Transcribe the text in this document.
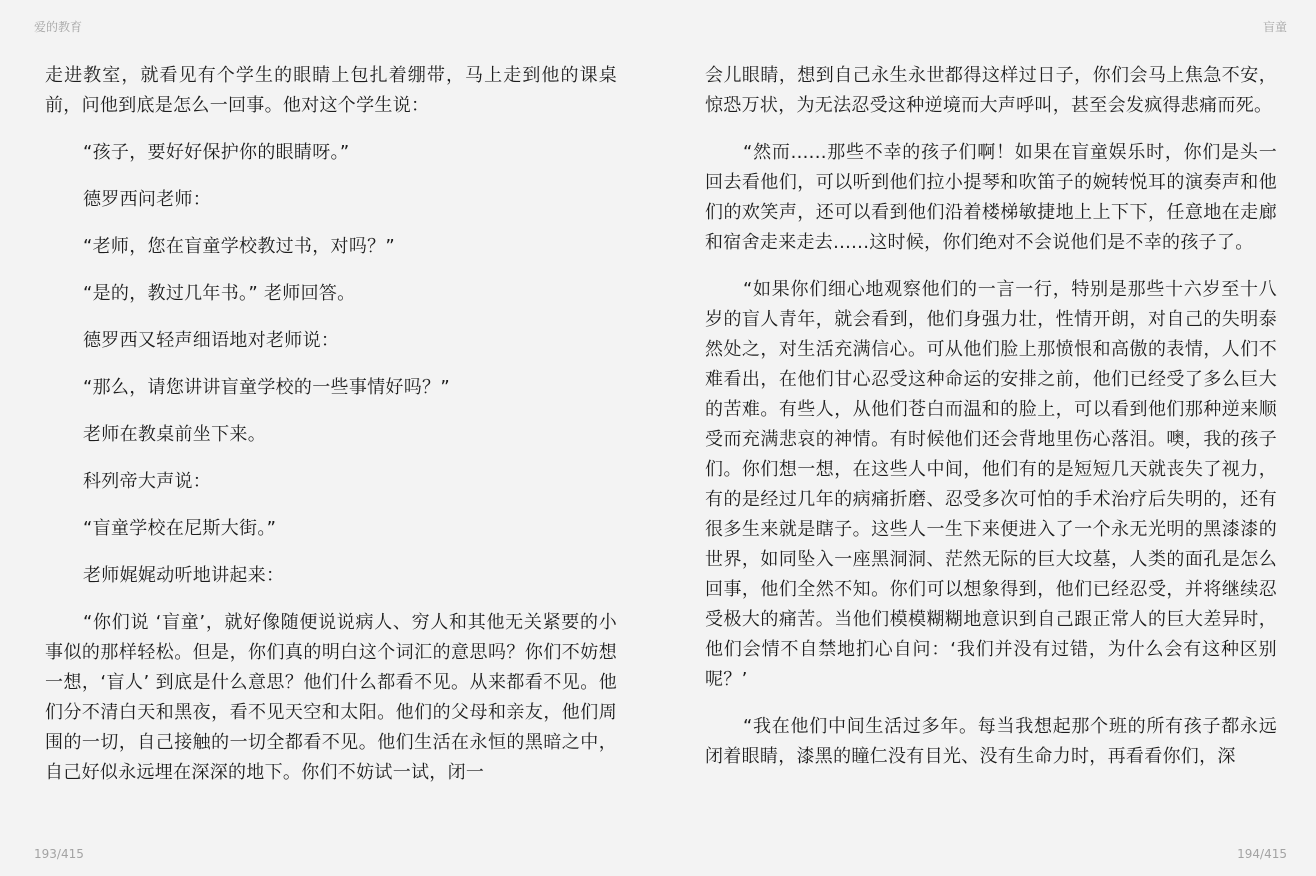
爱的教育	盲童

走进教室，就看见有个学生的眼睛上包扎着绷带，马上走到他的课桌前，问他到底是怎么一回事。他对这个学生说：

“孩子，要好好保护你的眼睛呀。”

德罗西问老师：

“老师，您在盲童学校教过书，对吗？”

“是的，教过几年书。” 老师回答。

德罗西又轻声细语地对老师说：

“那么，请您讲讲盲童学校的一些事情好吗？”

老师在教桌前坐下来。

科列帝大声说：

“盲童学校在尼斯大街。”

老师娓娓动听地讲起来：

“你们说 ‘盲童’，就好像随便说说病人、穷人和其他无关紧要的小事似的那样轻松。但是，你们真的明白这个词汇的意思吗？你们不妨想一想，‘盲人’ 到底是什么意思？他们什么都看不见。从来都看不见。他们分不清白天和黑夜，看不见天空和太阳。他们的父母和亲友，他们周围的一切，自己接触的一切全都看不见。他们生活在永恒的黑暗之中，自己好似永远埋在深深的地下。你们不妨试一试，闭一

会儿眼睛，想到自己永生永世都得这样过日子，你们会马上焦急不安，惊恐万状，为无法忍受这种逆境而大声呼叫，甚至会发疯得悲痛而死。

“然而......那些不幸的孩子们啊！如果在盲童娱乐时，你们是头一回去看他们，可以听到他们拉小提琴和吹笛子的婉转悦耳的演奏声和他们的欢笑声，还可以看到他们沿着楼梯敏捷地上上下下，任意地在走廊和宿舍走来走去......这时候，你们绝对不会说他们是不幸的孩子了。

“如果你们细心地观察他们的一言一行，特别是那些十六岁至十八岁的盲人青年，就会看到，他们身强力壮，性情开朗，对自己的失明泰然处之，对生活充满信心。可从他们脸上那愤恨和高傲的表情，人们不难看出，在他们甘心忍受这种命运的安排之前，他们已经受了多么巨大的苦难。有些人，从他们苍白而温和的脸上，可以看到他们那种逆来顺受而充满悲哀的神情。有时候他们还会背地里伤心落泪。噢，我的孩子们。你们想一想，在这些人中间，他们有的是短短几天就丧失了视力，有的是经过几年的病痛折磨、忍受多次可怕的手术治疗后失明的，还有很多生来就是瞎子。这些人一生下来便进入了一个永无光明的黑漆漆的世界，如同坠入一座黑洞洞、茫然无际的巨大坟墓，人类的面孔是怎么回事，他们全然不知。你们可以想象得到，他们已经忍受，并将继续忍受极大的痛苦。当他们模模糊糊地意识到自己跟正常人的巨大差异时，他们会情不自禁地扪心自问：‘我们并没有过错，为什么会有这种区别呢？’

“我在他们中间生活过多年。每当我想起那个班的所有孩子都永远闭着眼睛，漆黑的瞳仁没有目光、没有生命力时，再看看你们，深

193/415	194/415
